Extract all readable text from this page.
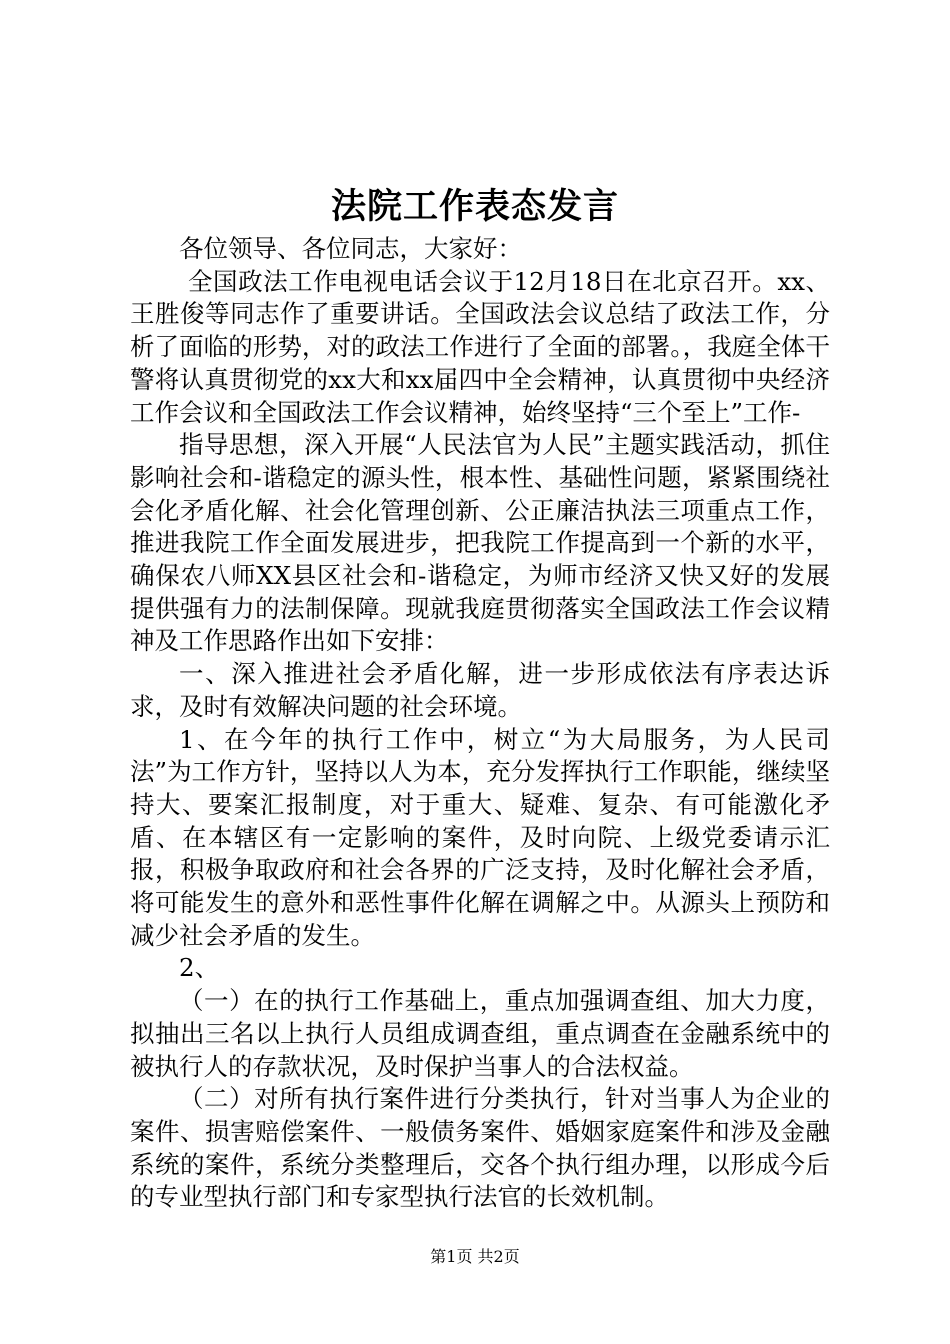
法院工作表态发言

各位领导、各位同志，大家好：

全国政法工作电视电话会议于12月18日在北京召开。xx、王胜俊等同志作了重要讲话。全国政法会议总结了政法工作，分析了面临的形势，对的政法工作进行了全面的部署。，我庭全体干警将认真贯彻党的xx大和xx届四中全会精神，认真贯彻中央经济工作会议和全国政法工作会议精神，始终坚持“三个至上”工作-

指导思想，深入开展“人民法官为人民”主题实践活动，抓住影响社会和-谐稳定的源头性，根本性、基础性问题，紧紧围绕社会化矛盾化解、社会化管理创新、公正廉洁执法三项重点工作，推进我院工作全面发展进步，把我院工作提高到一个新的水平，确保农八师XX县区社会和-谐稳定，为师市经济又快又好的发展提供强有力的法制保障。现就我庭贯彻落实全国政法工作会议精神及工作思路作出如下安排：

一、深入推进社会矛盾化解，进一步形成依法有序表达诉求，及时有效解决问题的社会环境。

1、在今年的执行工作中，树立“为大局服务，为人民司法”为工作方针，坚持以人为本，充分发挥执行工作职能，继续坚持大、要案汇报制度，对于重大、疑难、复杂、有可能激化矛盾、在本辖区有一定影响的案件，及时向院、上级党委请示汇报，积极争取政府和社会各界的广泛支持，及时化解社会矛盾，将可能发生的意外和恶性事件化解在调解之中。从源头上预防和减少社会矛盾的发生。

2、

（一）在的执行工作基础上，重点加强调查组、加大力度，拟抽出三名以上执行人员组成调查组，重点调查在金融系统中的被执行人的存款状况，及时保护当事人的合法权益。

（二）对所有执行案件进行分类执行，针对当事人为企业的案件、损害赔偿案件、一般债务案件、婚姻家庭案件和涉及金融系统的案件，系统分类整理后，交各个执行组办理，以形成今后的专业型执行部门和专家型执行法官的长效机制。

第1页 共2页
